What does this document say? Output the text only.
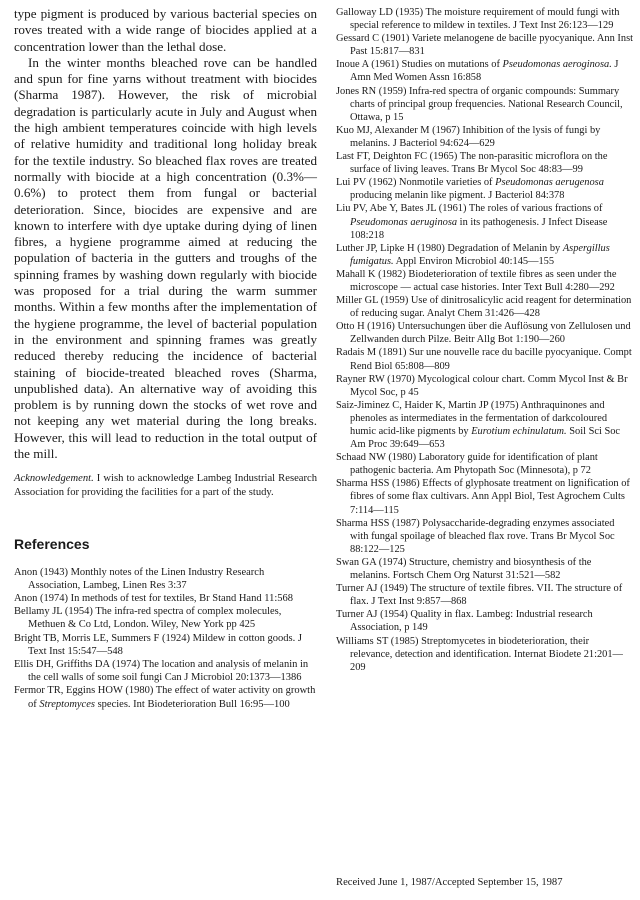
type pigment is produced by various bacterial species on roves treated with a wide range of biocides applied at a concentration lower than the lethal dose.

In the winter months bleached rove can be handled and spun for fine yarns without treatment with biocides (Sharma 1987). However, the risk of microbial degradation is particularly acute in July and August when the high ambient temperatures coincide with high levels of relative humidity and traditional long holiday break for the textile industry. So bleached flax roves are treated normally with biocide at a high concentration (0.3%—0.6%) to protect them from fungal or bacterial deterioration. Since, biocides are expensive and are known to interfere with dye uptake during dying of linen fibres, a hygiene programme aimed at reducing the population of bacteria in the gutters and troughs of the spinning frames by washing down regularly with biocide was proposed for a trial during the warm summer months. Within a few months after the implementation of the hygiene programme, the level of bacterial population in the environment and spinning frames was greatly reduced thereby reducing the incidence of bacterial staining of biocide-treated bleached roves (Sharma, unpublished data). An alternative way of avoiding this problem is by running down the stocks of wet rove and not keeping any wet material during the long breaks. However, this will lead to reduction in the total output of the mill.

Acknowledgement. I wish to acknowledge Lambeg Industrial Research Association for providing the facilities for a part of the study.

References

Anon (1943) Monthly notes of the Linen Industry Research Association, Lambeg, Linen Res 3:37

Anon (1974) In methods of test for textiles, Br Stand Hand 11:568

Bellamy JL (1954) The infra-red spectra of complex molecules, Methuen & Co Ltd, London. Wiley, New York pp 425

Bright TB, Morris LE, Summers F (1924) Mildew in cotton goods. J Text Inst 15:547—548

Ellis DH, Griffiths DA (1974) The location and analysis of melanin in the cell walls of some soil fungi Can J Microbiol 20:1373—1386

Fermor TR, Eggins HOW (1980) The effect of water activity on growth of Streptomyces species. Int Biodeterioration Bull 16:95—100

Galloway LD (1935) The moisture requirement of mould fungi with special reference to mildew in textiles. J Text Inst 26:123—129

Gessard C (1901) Variete melanogene de bacille pyocyanique. Ann Inst Past 15:817—831

Inoue A (1961) Studies on mutations of Pseudomonas aeroginosa. J Amn Med Women Assn 16:858

Jones RN (1959) Infra-red spectra of organic compounds: Summary charts of principal group frequencies. National Research Council, Ottawa, p 15

Kuo MJ, Alexander M (1967) Inhibition of the lysis of fungi by melanins. J Bacteriol 94:624—629

Last FT, Deighton FC (1965) The non-parasitic microflora on the surface of living leaves. Trans Br Mycol Soc 48:83—99

Lui PV (1962) Nonmotile varieties of Pseudomonas aerugenosa producing melanin like pigment. J Bacteriol 84:378

Liu PV, Abe Y, Bates JL (1961) The roles of various fractions of Pseudomonas aeruginosa in its pathogenesis. J Infect Disease 108:218

Luther JP, Lipke H (1980) Degradation of Melanin by Aspergillus fumigatus. Appl Environ Microbiol 40:145—155

Mahall K (1982) Biodeterioration of textile fibres as seen under the microscope — actual case histories. Inter Text Bull 4:280—292

Miller GL (1959) Use of dinitrosalicylic acid reagent for determination of reducing sugar. Analyt Chem 31:426—428

Otto H (1916) Untersuchungen über die Auflösung von Zellulosen und Zellwanden durch Pilze. Beitr Allg Bot 1:190—260

Radais M (1891) Sur une nouvelle race du bacille pyocyanique. Compt Rend Biol 65:808—809

Rayner RW (1970) Mycological colour chart. Comm Mycol Inst & Br Mycol Soc, p 45

Saiz-Jiminez C, Haider K, Martin JP (1975) Anthraquinones and phenoles as intermediates in the fermentation of darkcoloured humic acid-like pigments by Eurotium echinulatum. Soil Sci Soc Am Proc 39:649—653

Schaad NW (1980) Laboratory guide for identification of plant pathogenic bacteria. Am Phytopath Soc (Minnesota), p 72

Sharma HSS (1986) Effects of glyphosate treatment on lignification of fibres of some flax cultivars. Ann Appl Biol, Test Agrochem Cults 7:114—115

Sharma HSS (1987) Polysaccharide-degrading enzymes associated with fungal spoilage of bleached flax rove. Trans Br Mycol Soc 88:122—125

Swan GA (1974) Structure, chemistry and biosynthesis of the melanins. Fortsch Chem Org Naturst 31:521—582

Turner AJ (1949) The structure of textile fibres. VII. The structure of flax. J Text Inst 9:857—868

Turner AJ (1954) Quality in flax. Lambeg: Industrial research Association, p 149

Williams ST (1985) Streptomycetes in biodeterioration, their relevance, detection and identification. Internat Biodete 21:201—209

Received June 1, 1987/Accepted September 15, 1987
